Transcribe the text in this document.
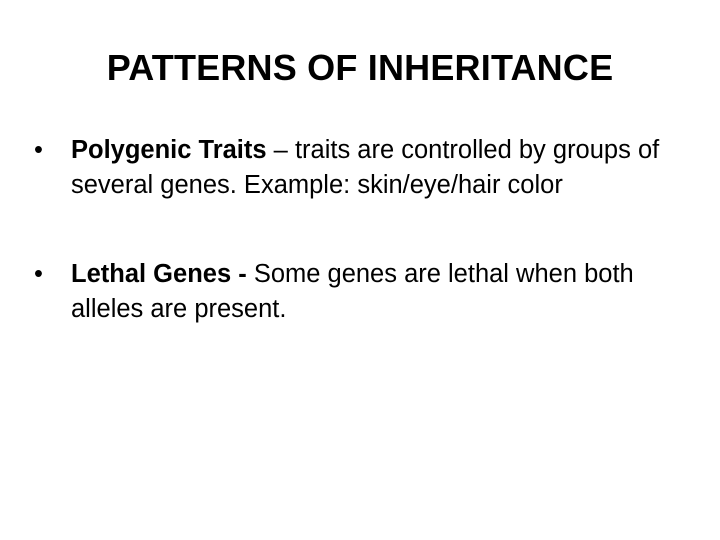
PATTERNS OF INHERITANCE
• Polygenic Traits – traits are controlled by groups of several genes. Example: skin/eye/hair color
• Lethal Genes - Some genes are lethal when both alleles are present.
